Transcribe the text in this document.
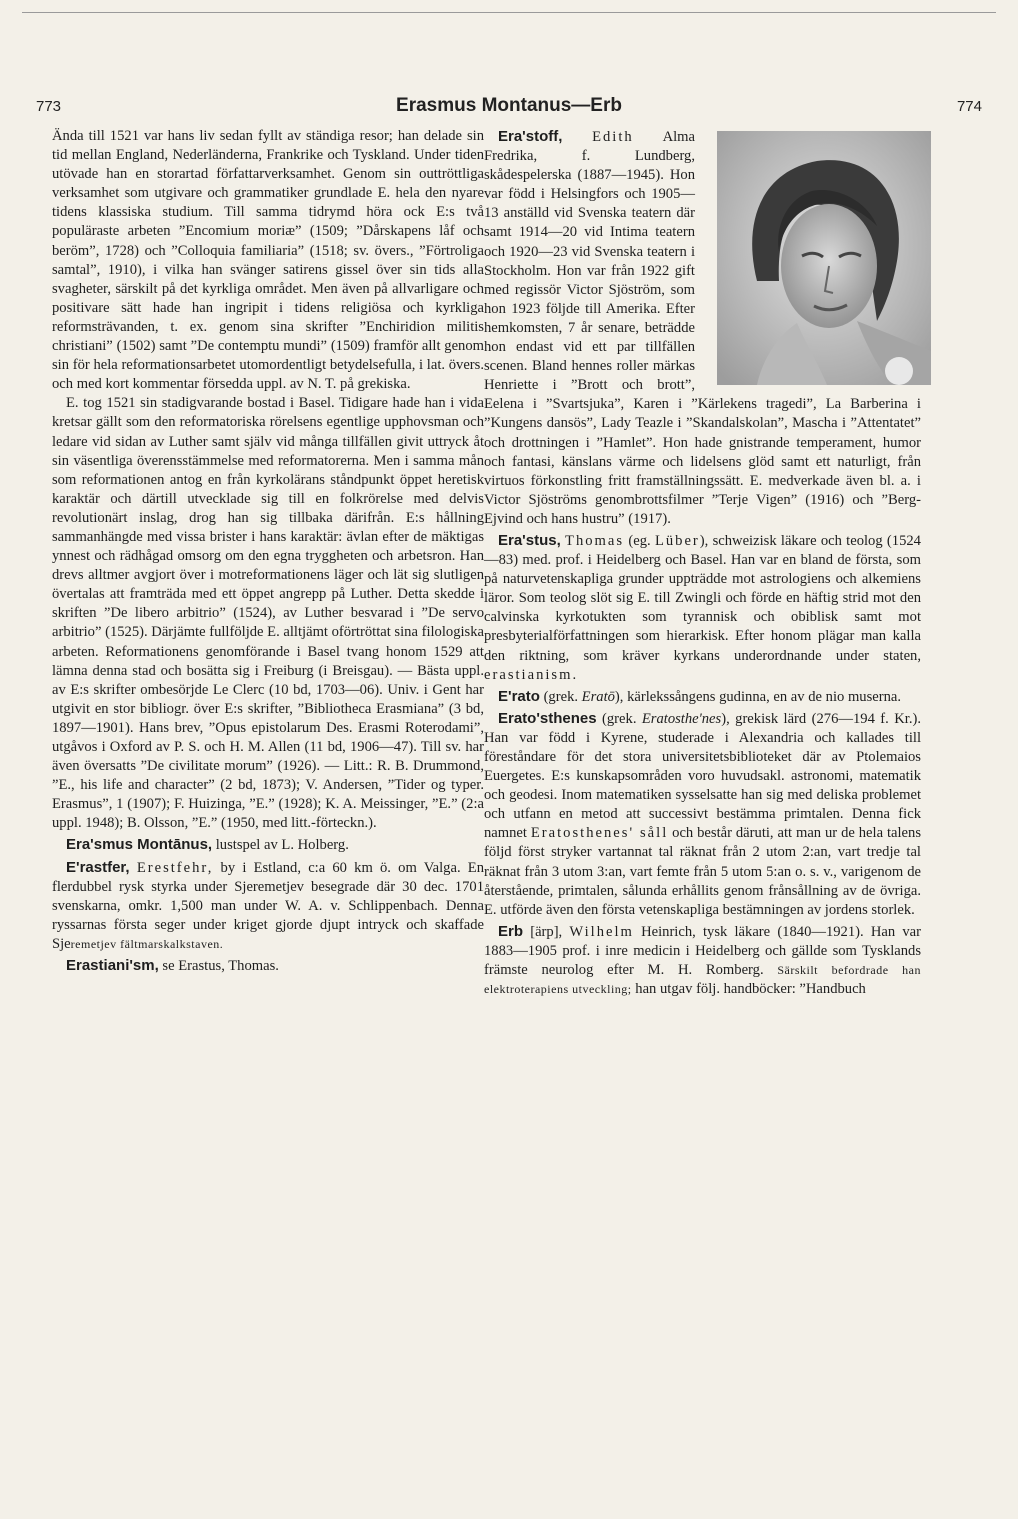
773	Erasmus Montanus—Erb	774

Ända till 1521 var hans liv sedan fyllt av ständiga resor; han delade sin tid mellan England, Nederländerna, Frankrike och Tyskland. Under tiden utövade han en storartad författarverksamhet. Genom sin outtröttliga verksamhet som utgivare och grammatiker grundlade E. hela den nyare tidens klassiska studium. Till samma tidrymd höra ock E:s två populäraste arbeten ”Encomium moriæ” (1509; ”Dårskapens låf och beröm”, 1728) och ”Colloquia familiaria” (1518; sv. övers., ”Förtroliga samtal”, 1910), i vilka han svänger satirens gissel över sin tids alla svagheter, särskilt på det kyrkliga området. Men även på allvarligare och positivare sätt hade han ingripit i tidens religiösa och kyrkliga reformsträvanden, t. ex. genom sina skrifter ”Enchiridion militis christiani” (1502) samt ”De contemptu mundi” (1509) framför allt genom sin för hela reformationsarbetet utomordentligt betydelsefulla, i lat. övers. och med kort kommentar försedda uppl. av N. T. på grekiska.

E. tog 1521 sin stadigvarande bostad i Basel. Tidigare hade han i vida kretsar gällt som den reformatoriska rörelsens egentlige upphovsman och ledare vid sidan av Luther samt själv vid många tillfällen givit uttryck åt sin väsentliga överensstämmelse med reformatorerna. Men i samma mån som reformationen antog en från kyrkolärans ståndpunkt öppet heretisk karaktär och därtill utvecklade sig till en folkrörelse med delvis revolutionärt inslag, drog han sig tillbaka därifrån. E:s hållning sammanhängde med vissa brister i hans karaktär: ävlan efter de mäktigas ynnest och rädhågad omsorg om den egna tryggheten och arbetsron. Han drevs alltmer avgjort över i motreformationens läger och lät sig slutligen övertalas att framträda med ett öppet angrepp på Luther. Detta skedde i skriften ”De libero arbitrio” (1524), av Luther besvarad i ”De servo arbitrio” (1525). Därjämte fullföljde E. alltjämt oförtröttat sina filologiska arbeten. Reformationens genomförande i Basel tvang honom 1529 att lämna denna stad och bosätta sig i Freiburg (i Breisgau). — Bästa uppl. av E:s skrifter ombesörjde Le Clerc (10 bd, 1703—06). Univ. i Gent har utgivit en stor bibliogr. över E:s skrifter, ”Bibliotheca Erasmiana” (3 bd, 1897—1901). Hans brev, ”Opus epistolarum Des. Erasmi Roterodami”, utgåvos i Oxford av P. S. och H. M. Allen (11 bd, 1906—47). Till sv. har även översatts ”De civilitate morum” (1926). — Litt.: R. B. Drummond, ”E., his life and character” (2 bd, 1873); V. Andersen, ”Tider og typer. Erasmus”, 1 (1907); F. Huizinga, ”E.” (1928); K. A. Meissinger, ”E.” (2:a uppl. 1948); B. Olsson, ”E.” (1950, med litt.-förteckn.).

Era'smus Montānus, lustspel av L. Holberg.

E'rastfer, Erestfehr, by i Estland, c:a 60 km ö. om Valga. En flerdubbel rysk styrka under Sjeremetjev besegrade där 30 dec. 1701 svenskarna, omkr. 1,500 man under W. A. v. Schlippenbach. Denna ryssarnas första seger under kriget gjorde djupt intryck och skaffade Sjeremetjev fältmarskalkstaven.

Erastiani'sm, se Erastus, Thomas.

Era'stoff, Edith Alma Fredrika, f. Lundberg, skådespelerska (1887—1945). Hon var född i Helsingfors och 1905—13 anställd vid Svenska teatern där samt 1914—20 vid Intima teatern och 1920—23 vid Svenska teatern i Stockholm. Hon var från 1922 gift med regissör Victor Sjöström, som hon 1923 följde till Amerika. Efter hemkomsten, 7 år senare, beträdde hon endast vid ett par tillfällen scenen. Bland hennes roller märkas Henriette i ”Brott och brott”, Eelena i ”Svartsjuka”, Karen i ”Kärlekens tragedi”, La Barberina i ”Kungens dansös”, Lady Teazle i ”Skandalskolan”, Mascha i ”Attentatet” och drottningen i ”Hamlet”. Hon hade gnistrande temperament, humor och fantasi, känslans värme och lidelsens glöd samt ett naturligt, från virtuos förkonstling fritt framställningssätt. E. medverkade även bl. a. i Victor Sjöströms genombrottsfilmer ”Terje Vigen” (1916) och ”Berg-Ejvind och hans hustru” (1917).

Era'stus, Thomas (eg. Lüber), schweizisk läkare och teolog (1524—83) med. prof. i Heidelberg och Basel. Han var en bland de första, som på naturvetenskapliga grunder uppträdde mot astrologiens och alkemiens läror. Som teolog slöt sig E. till Zwingli och förde en häftig strid mot den calvinska kyrkotukten som tyrannisk och obiblisk samt mot presbyterialförfattningen som hierarkisk. Efter honom plägar man kalla den riktning, som kräver kyrkans underordnande under staten, erastianism.

E'rato (grek. Eratō), kärlekssångens gudinna, en av de nio muserna.

Erato'sthenes (grek. Eratosthe'nes), grekisk lärd (276—194 f. Kr.). Han var född i Kyrene, studerade i Alexandria och kallades till föreståndare för det stora universitetsbiblioteket där av Ptolemaios Euergetes. E:s kunskapsområden voro huvudsakl. astronomi, matematik och geodesi. Inom matematiken sysselsatte han sig med deliska problemet och utfann en metod att successivt bestämma primtalen. Denna fick namnet Eratosthenes' såll och består däruti, att man ur de hela talens följd först stryker vartannat tal räknat från 2 utom 2:an, vart tredje tal räknat från 3 utom 3:an, vart femte från 5 utom 5:an o. s. v., varigenom de återstående, primtalen, sålunda erhållits genom frånsållning av de övriga. E. utförde även den första vetenskapliga bestämningen av jordens storlek.

Erb [ärp], Wilhelm Heinrich, tysk läkare (1840—1921). Han var 1883—1905 prof. i inre medicin i Heidelberg och gällde som Tysklands främste neurolog efter M. H. Romberg. Särskilt befordrade han elektroterapiens utveckling; han utgav följ. handböcker: ”Handbuch
